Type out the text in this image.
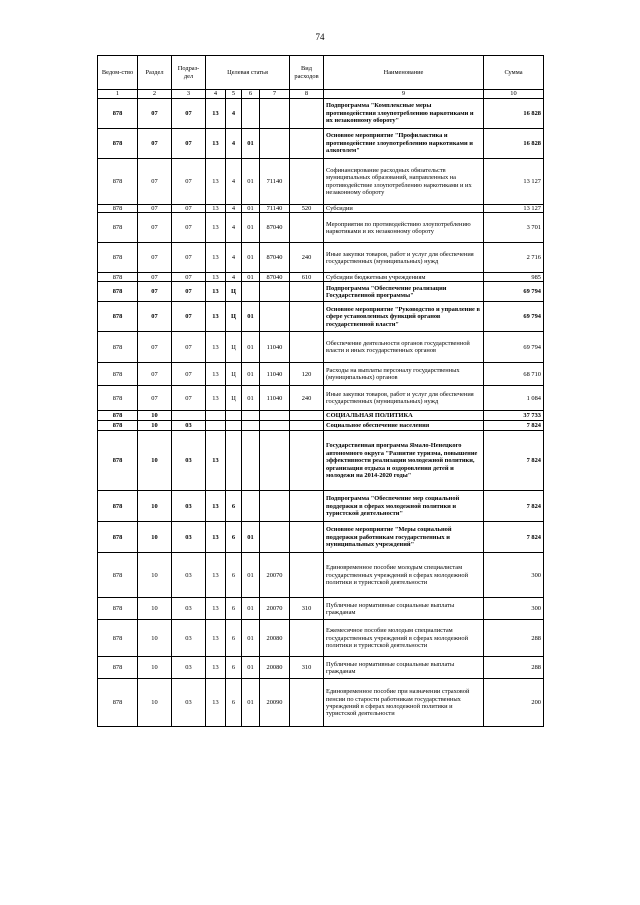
74
Ведом-ство	Раздел	Подраз-дел	Целевая статья				Вид расходов	Наименование	Сумма
1	2	3	4	5	6	7	8	9	10
878	07	07	13	4				Подпрограмма "Комплексные меры противодействия злоупотреблению наркотиками и их незаконному обороту"	16 828
878	07	07	13	4	01			Основное мероприятие "Профилактика и противодействие злоупотреблению наркотиками и алкоголем"	16 828
878	07	07	13	4	01	71140		Софинансирование расходных обязательств муниципальных образований, направленных на противодействие злоупотреблению наркотиками и их незаконному обороту	13 127
878	07	07	13	4	01	71140	520	Субсидии	13 127
878	07	07	13	4	01	87040		Мероприятия по противодействию злоупотреблению наркотиками и их незаконному обороту	3 701
878	07	07	13	4	01	87040	240	Иные закупки товаров, работ и услуг для обеспечения государственных (муниципальных) нужд	2 716
878	07	07	13	4	01	87040	610	Субсидии бюджетным учреждениям	985
878	07	07	13	Ц				Подпрограмма "Обеспечение реализации Государственной программы"	69 794
878	07	07	13	Ц	01			Основное мероприятие "Руководство и управление в сфере установленных функций органов государственной власти"	69 794
878	07	07	13	Ц	01	11040		Обеспечение деятельности органов государственной власти и иных государственных органов	69 794
878	07	07	13	Ц	01	11040	120	Расходы на выплаты персоналу государственных (муниципальных) органов	68 710
878	07	07	13	Ц	01	11040	240	Иные закупки товаров, работ и услуг для обеспечения государственных (муниципальных) нужд	1 084
878	10							СОЦИАЛЬНАЯ ПОЛИТИКА	37 733
878	10	03						Социальное обеспечение населения	7 824
878	10	03	13					Государственная программа Ямало-Ненецкого автономного округа "Развитие туризма, повышение эффективности реализации молодежной политики, организация отдыха и оздоровления детей и молодежи на 2014-2020 годы"	7 824
878	10	03	13	6				Подпрограмма "Обеспечение мер социальной поддержки в сферах молодежной политики и туристской деятельности"	7 824
878	10	03	13	6	01			Основное мероприятие "Меры социальной поддержки работникам государственных и муниципальных учреждений"	7 824
878	10	03	13	6	01	20070		Единовременное пособие молодым специалистам государственных учреждений в сферах молодежной политики и туристской деятельности	300
878	10	03	13	6	01	20070	310	Публичные нормативные социальные выплаты гражданам	300
878	10	03	13	6	01	20080		Ежемесячное пособие молодым специалистам государственных учреждений в сферах молодежной политики и туристской деятельности	288
878	10	03	13	6	01	20080	310	Публичные нормативные социальные выплаты гражданам	288
878	10	03	13	6	01	20090		Единовременное пособие при назначении страховой пенсии по старости работникам государственных учреждений в сферах молодежной политики и туристской деятельности	200
